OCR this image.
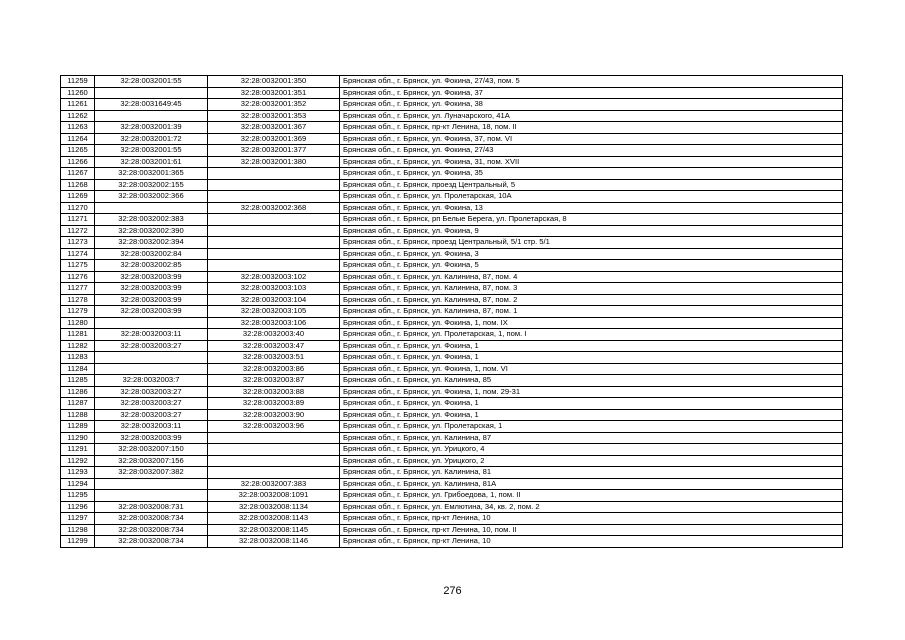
11259	32:28:0032001:55	32:28:0032001:350	Брянская обл., г. Брянск, ул. Фокина, 27/43, пом. 5
11260		32:28:0032001:351	Брянская обл., г. Брянск, ул. Фокина, 37
11261	32:28:0031649:45	32:28:0032001:352	Брянская обл., г. Брянск, ул. Фокина, 38
11262		32:28:0032001:353	Брянская обл., г. Брянск, ул. Луначарского, 41А
11263	32:28:0032001:39	32:28:0032001:367	Брянская обл., г. Брянск, пр-кт Ленина, 18, пом. II
11264	32:28:0032001:72	32:28:0032001:369	Брянская обл., г. Брянск, ул. Фокина, 37, пом. VI
11265	32:28:0032001:55	32:28:0032001:377	Брянская обл., г. Брянск, ул. Фокина, 27/43
11266	32:28:0032001:61	32:28:0032001:380	Брянская обл., г. Брянск, ул. Фокина, 31, пом. XVII
11267	32:28:0032001:365		Брянская обл., г. Брянск, ул. Фокина, 35
11268	32:28:0032002:155		Брянская обл., г. Брянск, проезд Центральный, 5
11269	32:28:0032002:366		Брянская обл., г. Брянск, ул. Пролетарская, 10А
11270		32:28:0032002:368	Брянская обл., г. Брянск, ул. Фокина, 13
11271	32:28:0032002:383		Брянская обл., г. Брянск, рп Белые Берега, ул. Пролетарская, 8
11272	32:28:0032002:390		Брянская обл., г. Брянск, ул. Фокина, 9
11273	32:28:0032002:394		Брянская обл., г. Брянск, проезд Центральный, 5/1 стр. 5/1
11274	32:28:0032002:84		Брянская обл., г. Брянск, ул. Фокина, 3
11275	32:28:0032002:85		Брянская обл., г. Брянск, ул. Фокина, 5
11276	32:28:0032003:99	32:28:0032003:102	Брянская обл., г. Брянск, ул. Калинина, 87, пом. 4
11277	32:28:0032003:99	32:28:0032003:103	Брянская обл., г. Брянск, ул. Калинина, 87, пом. 3
11278	32:28:0032003:99	32:28:0032003:104	Брянская обл., г. Брянск, ул. Калинина, 87, пом. 2
11279	32:28:0032003:99	32:28:0032003:105	Брянская обл., г. Брянск, ул. Калинина, 87, пом. 1
11280		32:28:0032003:106	Брянская обл., г. Брянск, ул. Фокина, 1, пом. IX
11281	32:28:0032003:11	32:28:0032003:40	Брянская обл., г. Брянск, ул. Пролетарская, 1, пом. I
11282	32:28:0032003:27	32:28:0032003:47	Брянская обл., г. Брянск, ул. Фокина, 1
11283		32:28:0032003:51	Брянская обл., г. Брянск, ул. Фокина, 1
11284		32:28:0032003:86	Брянская обл., г. Брянск, ул. Фокина, 1, пом. VI
11285	32:28:0032003:7	32:28:0032003:87	Брянская обл., г. Брянск, ул. Калинина, 85
11286	32:28:0032003:27	32:28:0032003:88	Брянская обл., г. Брянск, ул. Фокина, 1, пом. 29-31
11287	32:28:0032003:27	32:28:0032003:89	Брянская обл., г. Брянск, ул. Фокина, 1
11288	32:28:0032003:27	32:28:0032003:90	Брянская обл., г. Брянск, ул. Фокина, 1
11289	32:28:0032003:11	32:28:0032003:96	Брянская обл., г. Брянск, ул. Пролетарская, 1
11290	32:28:0032003:99		Брянская обл., г. Брянск, ул. Калинина, 87
11291	32:28:0032007:150		Брянская обл., г. Брянск, ул. Урицкого, 4
11292	32:28:0032007:156		Брянская обл., г. Брянск, ул. Урицкого, 2
11293	32:28:0032007:382		Брянская обл., г. Брянск, ул. Калинина, 81
11294		32:28:0032007:383	Брянская обл., г. Брянск, ул. Калинина, 81А
11295		32:28:0032008:1091	Брянская обл., г. Брянск, ул. Грибоедова, 1, пом. II
11296	32:28:0032008:731	32:28:0032008:1134	Брянская обл., г. Брянск, ул. Емлютина, 34, кв. 2, пом. 2
11297	32:28:0032008:734	32:28:0032008:1143	Брянская обл., г. Брянск, пр-кт Ленина, 10
11298	32:28:0032008:734	32:28:0032008:1145	Брянская обл., г. Брянск, пр-кт Ленина, 10, пом. II
11299	32:28:0032008:734	32:28:0032008:1146	Брянская обл., г. Брянск, пр-кт Ленина, 10
276
